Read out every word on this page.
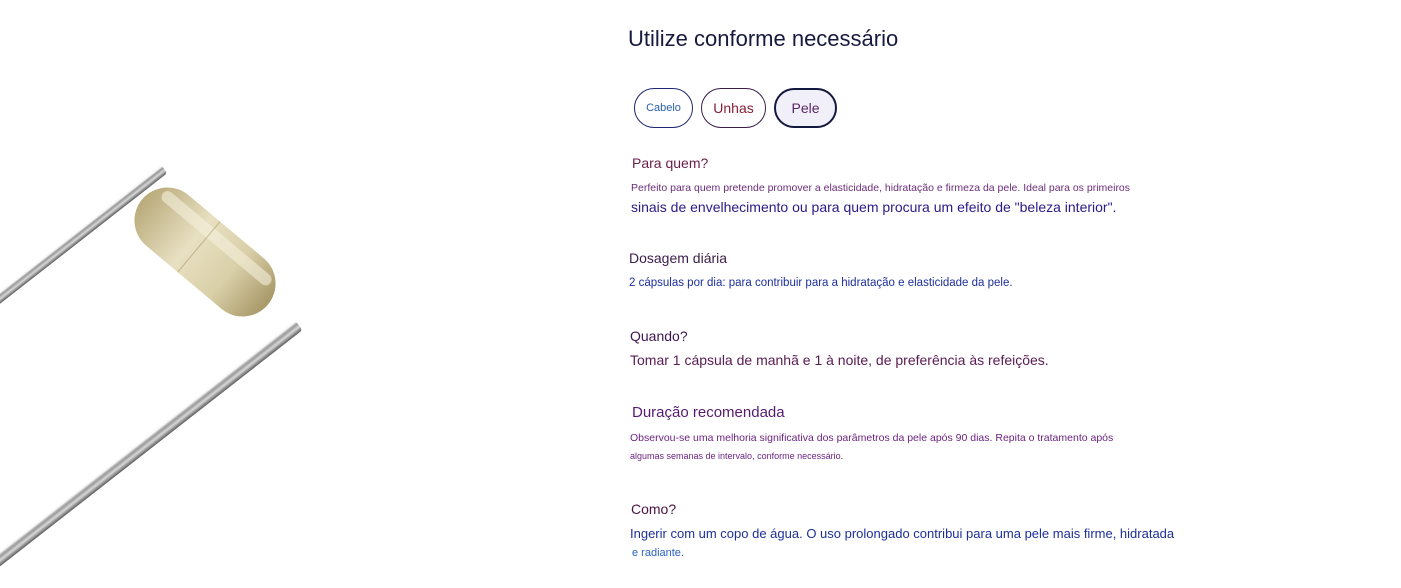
Utilize conforme necessário
Cabelo	Unhas	Pele
Para quem?

Perfeito para quem pretende promover a elasticidade, hidratação e firmeza da pele. Ideal para os primeiros

sinais de envelhecimento ou para quem procura um efeito de "beleza interior".

Dosagem diária

2 cápsulas por dia: para contribuir para a hidratação e elasticidade da pele.

Quando?

Tomar 1 cápsula de manhã e 1 à noite, de preferência às refeições.

Duração recomendada

Observou-se uma melhoria significativa dos parâmetros da pele após 90 dias. Repita o tratamento após

algumas semanas de intervalo, conforme necessário.

Como?

Ingerir com um copo de água. O uso prolongado contribui para uma pele mais firme, hidratada

e radiante.
